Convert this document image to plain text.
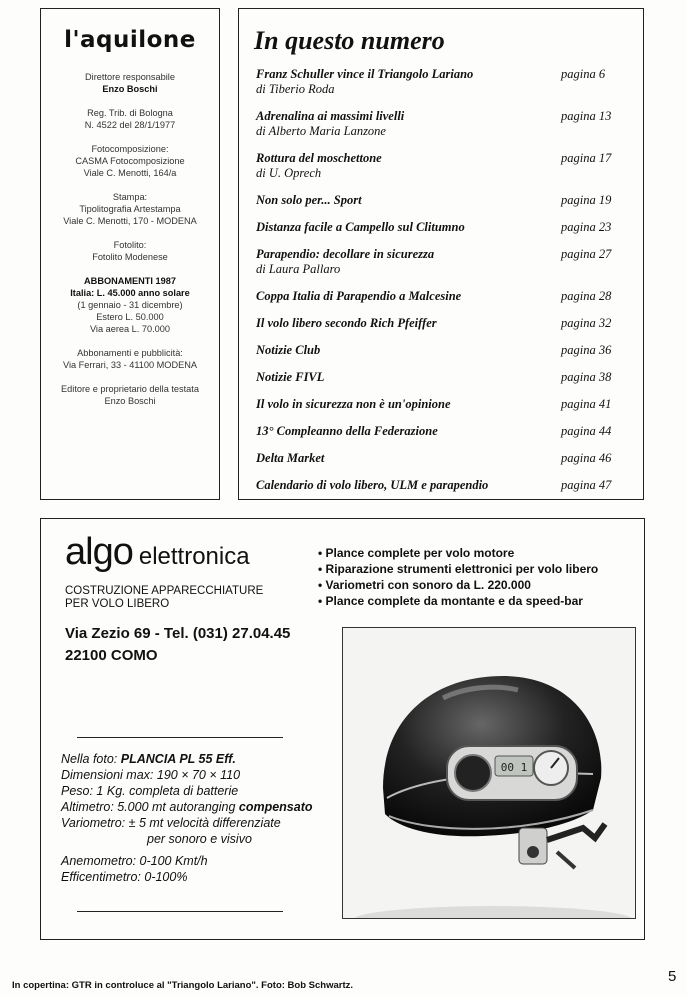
l'aquilone
Direttore responsabile
Enzo Boschi
Reg. Trib. di Bologna
N. 4522 del 28/1/1977
Fotocomposizione:
CASMA Fotocomposizione
Viale C. Menotti, 164/a
Stampa:
Tipolitografia Artestampa
Viale C. Menotti, 170 - MODENA
Fotolito:
Fotolito Modenese
ABBONAMENTI 1987
Italia: L. 45.000 anno solare
(1 gennaio - 31 dicembre)
Estero L. 50.000
Via aerea L. 70.000
Abbonamenti e pubblicità:
Via Ferrari, 33 - 41100 MODENA
Editore e proprietario della testata
Enzo Boschi
In questo numero
Franz Schuller vince il Triangolo Lariano	pagina 6
di Tiberio Roda
Adrenalina ai massimi livelli	pagina 13
di Alberto Maria Lanzone
Rottura del moschettone	pagina 17
di U. Oprech
Non solo per... Sport	pagina 19
Distanza facile a Campello sul Clitumno	pagina 23
Parapendio: decollare in sicurezza	pagina 27
di Laura Pallaro
Coppa Italia di Parapendio a Malcesine	pagina 28
Il volo libero secondo Rich Pfeiffer	pagina 32
Notizie Club	pagina 36
Notizie FIVL	pagina 38
Il volo in sicurezza non è un'opinione	pagina 41
13° Compleanno della Federazione	pagina 44
Delta Market	pagina 46
Calendario di volo libero, ULM e parapendio	pagina 47
algo elettronica
COSTRUZIONE APPARECCHIATURE
PER VOLO LIBERO
• Plance complete per volo motore
• Riparazione strumenti elettronici per volo libero
• Variometri con sonoro da L. 220.000
• Plance complete da montante e da speed-bar
Via Zezio 69 - Tel. (031) 27.04.45
22100 COMO
Nella foto: PLANCIA PL 55 Eff.
Dimensioni max: 190 × 70 × 110
Peso: 1 Kg. completa di batterie
Altimetro: 5.000 mt autoranging compensato
Variometro: ± 5 mt velocità differenziate
per sonoro e visivo
Anemometro: 0-100 Kmt/h
Efficentimetro: 0-100%
00 1
In copertina: GTR in controluce al "Triangolo Lariano". Foto: Bob Schwartz.
5
